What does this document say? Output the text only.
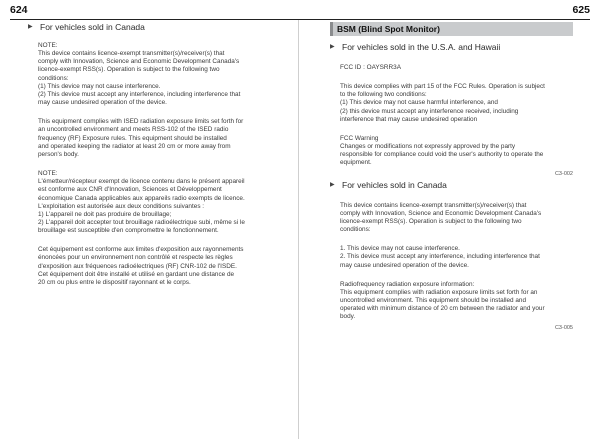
624	625
▶ For vehicles sold in Canada

NOTE:

This device contains licence-exempt transmitter(s)/receiver(s) that

comply with Innovation, Science and Economic Development Canada's

licence-exempt RSS(s). Operation is subject to the following two

conditions:

(1) This device may not cause interference.

(2) This device must accept any interference, including interference that

may cause undesired operation of the device.

This equipment complies with ISED radiation exposure limits set forth for

an uncontrolled environment and meets RSS-102 of the ISED radio

frequency (RF) Exposure rules. This equipment should be installed

and operated keeping the radiator at least 20 cm or more away from

person's body.

NOTE:

L'émetteur/récepteur exempt de licence contenu dans le présent appareil

est conforme aux CNR d'Innovation, Sciences et Développement

économique Canada applicables aux appareils radio exempts de licence.

L'exploitation est autorisée aux deux conditions suivantes :

1) L'appareil ne doit pas produire de brouillage;

2) L'appareil doit accepter tout brouillage radioélectrique subi, même si le

brouillage est susceptible d'en compromettre le fonctionnement.

Cet équipement est conforme aux limites d'exposition aux rayonnements

énoncées pour un environnement non contrôlé et respecte les règles

d'exposition aux fréquences radioélectriques (RF) CNR-102 de l'ISDE.

Cet équipement doit être installé et utilisé en gardant une distance de

20 cm ou plus entre le dispositif rayonnant et le corps.

BSM (Blind Spot Monitor)
▶ For vehicles sold in the U.S.A. and Hawaii

FCC ID : OAYSRR3A

This device complies with part 15 of the FCC Rules. Operation is subject

to the following two conditions:

(1) This device may not cause harmful interference, and

(2) this device must accept any interference received, including

interference that may cause undesired operation

FCC Warning

Changes or modifications not expressly approved by the party

responsible for compliance could void the user's authority to operate the

equipment.

C3-002
▶ For vehicles sold in Canada

This device contains licence-exempt transmitter(s)/receiver(s) that

comply with Innovation, Science and Economic Development Canada's

licence-exempt RSS(s). Operation is subject to the following two

conditions:

1. This device may not cause interference.

2. This device must accept any interference, including interference that

may cause undesired operation of the device.

Radiofrequency radiation exposure information:

This equipment complies with radiation exposure limits set forth for an

uncontrolled environment. This equipment should be installed and

operated with minimum distance of 20 cm between the radiator and your

body.

C3-005
